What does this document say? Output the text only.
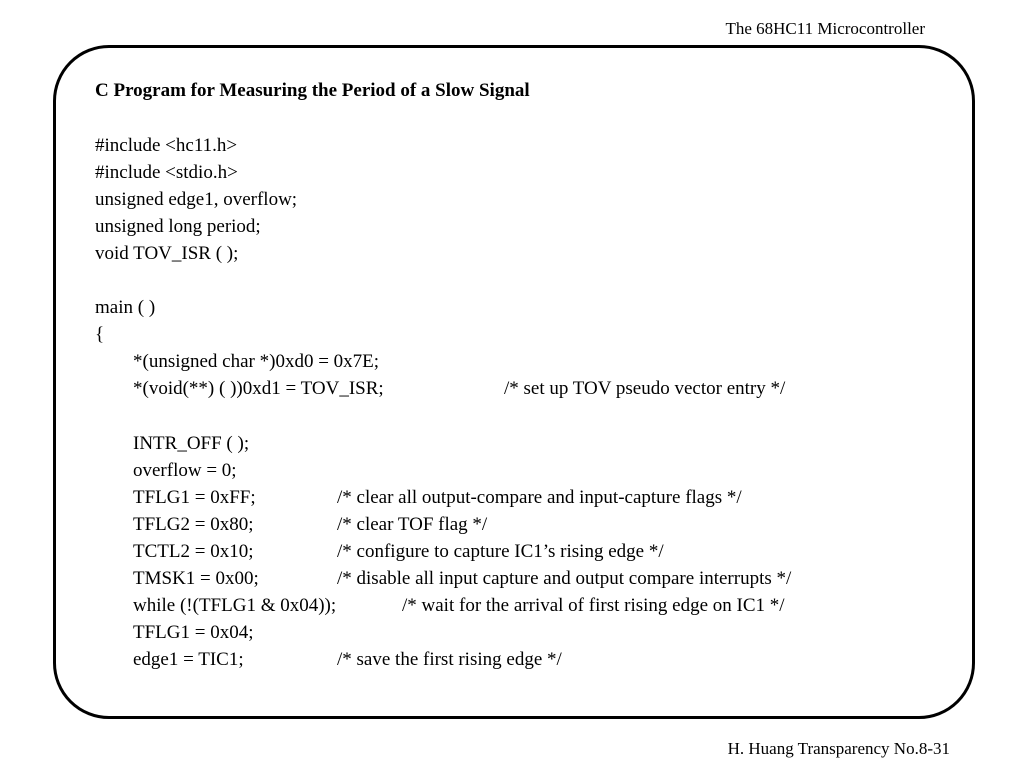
The 68HC11 Microcontroller
C Program for Measuring the Period of a Slow Signal
#include <hc11.h>
#include <stdio.h>
unsigned edge1, overflow;
unsigned long period;
void TOV_ISR ( );
main ( )
{
*(unsigned char *)0xd0 = 0x7E;
*(void(**) ( ))0xd1 = TOV_ISR;	/* set up TOV pseudo vector entry */
INTR_OFF ( );
overflow = 0;
TFLG1 = 0xFF;	/* clear all output-compare and input-capture flags */
TFLG2 = 0x80;	/* clear TOF flag */
TCTL2 = 0x10;	/* configure to capture IC1’s rising edge */
TMSK1 = 0x00;	/* disable all input capture and output compare interrupts */
while (!(TFLG1 & 0x04));	/* wait for the arrival of first rising edge on IC1 */
TFLG1 = 0x04;
edge1 = TIC1;	/* save the first rising edge */
H. Huang Transparency No.8-31
